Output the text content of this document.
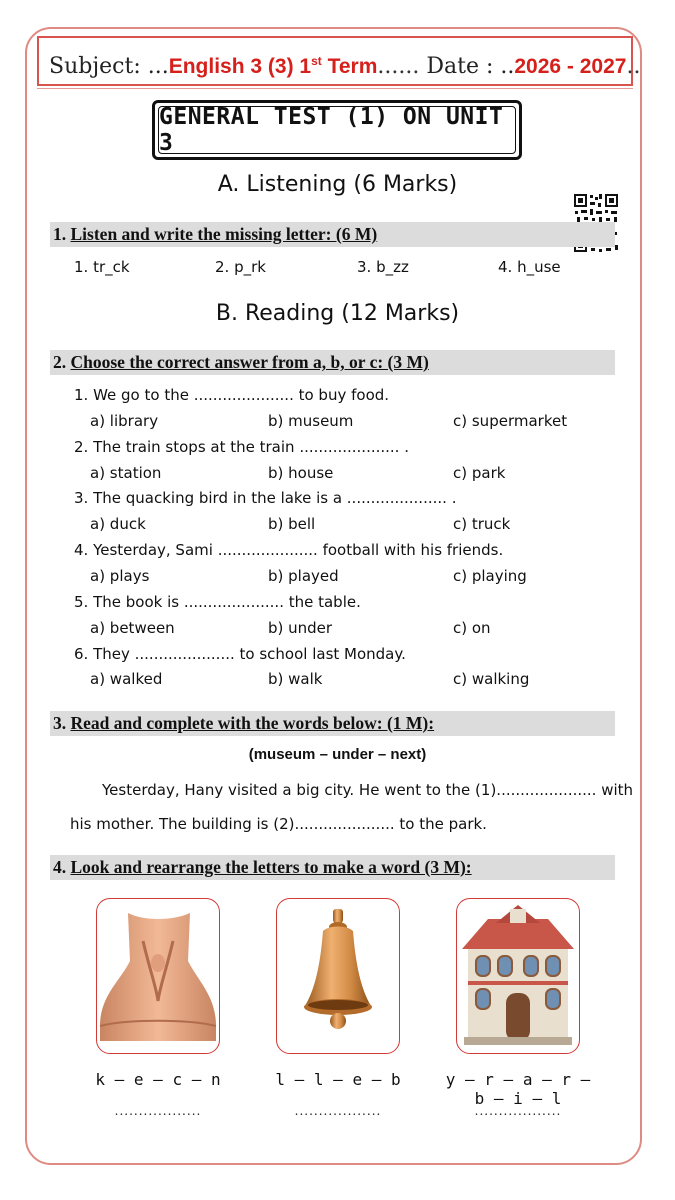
Subject: ...English 3 (3) 1st Term...... Date : ..2026 - 2027..
GENERAL TEST (1) ON UNIT 3
A. Listening (6 Marks)
1. Listen and write the missing letter: (6 M)
1. tr_ck	2. p_rk	3. b_zz	4. h_use
B. Reading (12 Marks)
2. Choose the correct answer from a, b, or c: (3 M)
1. We go to the ..................... to buy food.
a) library	b) museum	c) supermarket
2. The train stops at the train ..................... .
a) station	b) house	c) park
3. The quacking bird in the lake is a ..................... .
a) duck	b) bell	c) truck
4. Yesterday, Sami ..................... football with his friends.
a) plays	b) played	c) playing
5. The book is ..................... the table.
a) between	b) under	c) on
6. They ..................... to school last Monday.
a) walked	b) walk	c) walking
3. Read and complete with the words below: (1 M):
(museum – under – next)
Yesterday, Hany visited a big city. He went to the (1)..................... with
his mother. The building is (2)..................... to the park.
4. Look and rearrange the letters to make a word (3 M):
k – e – c – n	l – l – e – b	y – r – a – r – b – i – l
..................	..................	..................
